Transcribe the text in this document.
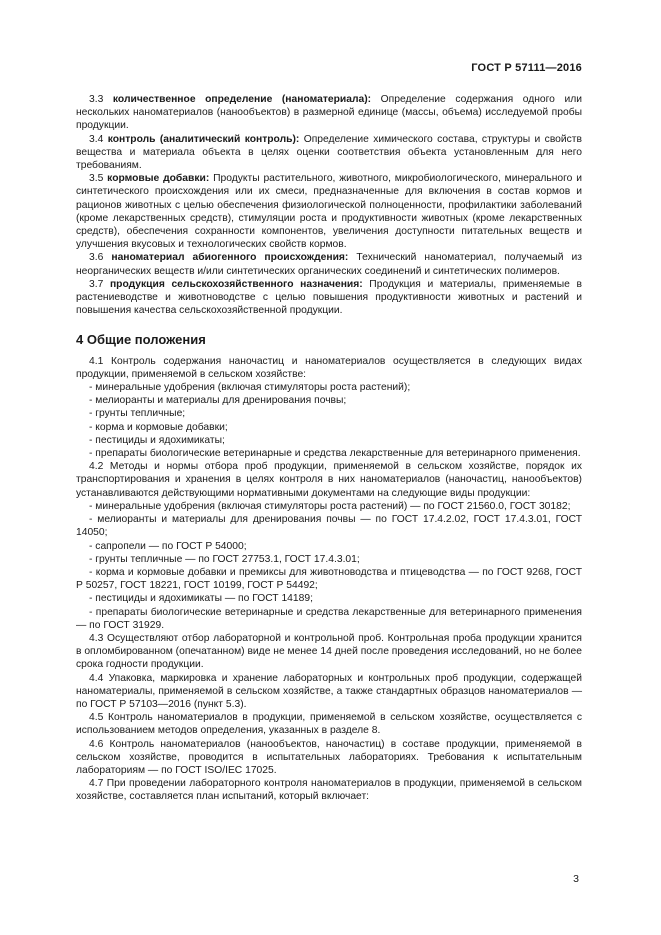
ГОСТ Р 57111—2016

3.3 количественное определение (наноматериала): Определение содержания одного или нескольких наноматериалов (нанообъектов) в размерной единице (массы, объема) исследуемой пробы продукции.

3.4 контроль (аналитический контроль): Определение химического состава, структуры и свойств вещества и материала объекта в целях оценки соответствия объекта установленным для него требованиям.

3.5 кормовые добавки: Продукты растительного, животного, микробиологического, минерального и синтетического происхождения или их смеси, предназначенные для включения в состав кормов и рационов животных с целью обеспечения физиологической полноценности, профилактики заболеваний (кроме лекарственных средств), стимуляции роста и продуктивности животных (кроме лекарственных средств), обеспечения сохранности компонентов, увеличения доступности питательных веществ и улучшения вкусовых и технологических свойств кормов.

3.6 наноматериал абиогенного происхождения: Технический наноматериал, получаемый из неорганических веществ и/или синтетических органических соединений и синтетических полимеров.

3.7 продукция сельскохозяйственного назначения: Продукция и материалы, применяемые в растениеводстве и животноводстве с целью повышения продуктивности животных и растений и повышения качества сельскохозяйственной продукции.

4 Общие положения

4.1 Контроль содержания наночастиц и наноматериалов осуществляется в следующих видах продукции, применяемой в сельском хозяйстве:

- минеральные удобрения (включая стимуляторы роста растений);

- мелиоранты и материалы для дренирования почвы;

- грунты тепличные;

- корма и кормовые добавки;

- пестициды и ядохимикаты;

- препараты биологические ветеринарные и средства лекарственные для ветеринарного применения.

4.2 Методы и нормы отбора проб продукции, применяемой в сельском хозяйстве, порядок их транспортирования и хранения в целях контроля в них наноматериалов (наночастиц, нанообъектов) устанавливаются действующими нормативными документами на следующие виды продукции:

- минеральные удобрения (включая стимуляторы роста растений) — по ГОСТ 21560.0, ГОСТ 30182;

- мелиоранты и материалы для дренирования почвы — по ГОСТ 17.4.2.02, ГОСТ 17.4.3.01, ГОСТ 14050;

- сапропели — по ГОСТ Р 54000;

- грунты тепличные — по ГОСТ 27753.1, ГОСТ 17.4.3.01;

- корма и кормовые добавки и премиксы для животноводства и птицеводства — по ГОСТ 9268, ГОСТ Р 50257, ГОСТ 18221, ГОСТ 10199, ГОСТ Р 54492;

- пестициды и ядохимикаты — по ГОСТ 14189;

- препараты биологические ветеринарные и средства лекарственные для ветеринарного применения — по ГОСТ 31929.

4.3 Осуществляют отбор лабораторной и контрольной проб. Контрольная проба продукции хранится в опломбированном (опечатанном) виде не менее 14 дней после проведения исследований, но не более срока годности продукции.

4.4 Упаковка, маркировка и хранение лабораторных и контрольных проб продукции, содержащей наноматериалы, применяемой в сельском хозяйстве, а также стандартных образцов наноматериалов — по ГОСТ Р 57103—2016 (пункт 5.3).

4.5 Контроль наноматериалов в продукции, применяемой в сельском хозяйстве, осуществляется с использованием методов определения, указанных в разделе 8.

4.6 Контроль наноматериалов (нанообъектов, наночастиц) в составе продукции, применяемой в сельском хозяйстве, проводится в испытательных лабораториях. Требования к испытательным лабораториям — по ГОСТ ISO/IEC 17025.

4.7 При проведении лабораторного контроля наноматериалов в продукции, применяемой в сельском хозяйстве, составляется план испытаний, который включает:

3
